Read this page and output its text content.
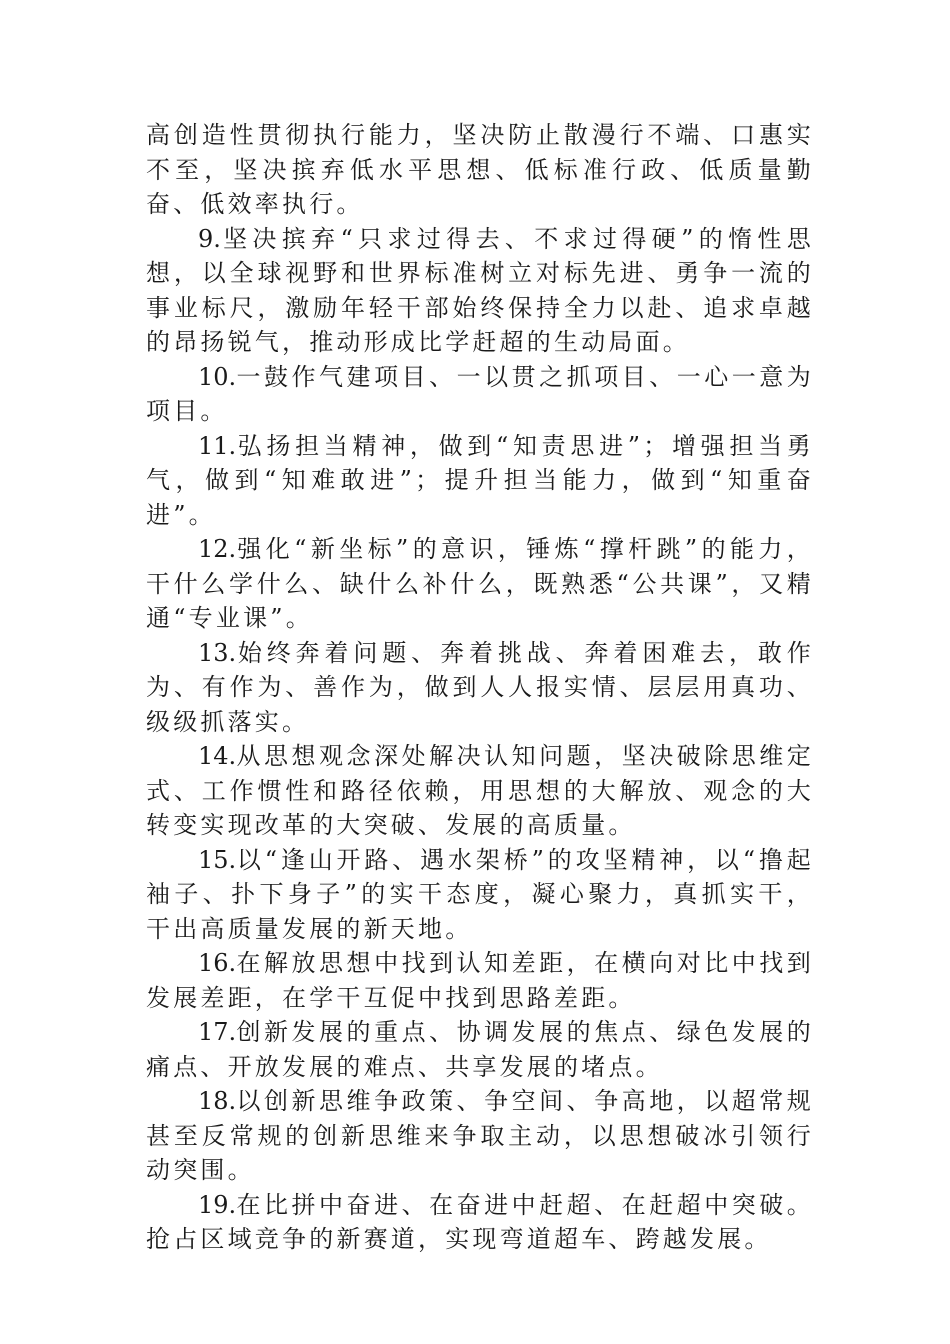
高创造性贯彻执行能力，坚决防止散漫行不端、口惠实不至，坚决摈弃低水平思想、低标准行政、低质量勤奋、低效率执行。

9.坚决摈弃“只求过得去、不求过得硬”的惰性思想，以全球视野和世界标准树立对标先进、勇争一流的事业标尺，激励年轻干部始终保持全力以赴、追求卓越的昂扬锐气，推动形成比学赶超的生动局面。

10.一鼓作气建项目、一以贯之抓项目、一心一意为项目。

11.弘扬担当精神，做到“知责思进”；增强担当勇气，做到“知难敢进”；提升担当能力，做到“知重奋进”。

12.强化“新坐标”的意识，锤炼“撑杆跳”的能力，干什么学什么、缺什么补什么，既熟悉“公共课”，又精通“专业课”。

13.始终奔着问题、奔着挑战、奔着困难去，敢作为、有作为、善作为，做到人人报实情、层层用真功、级级抓落实。

14.从思想观念深处解决认知问题，坚决破除思维定式、工作惯性和路径依赖，用思想的大解放、观念的大转变实现改革的大突破、发展的高质量。

15.以“逢山开路、遇水架桥”的攻坚精神，以“撸起袖子、扑下身子”的实干态度，凝心聚力，真抓实干，干出高质量发展的新天地。

16.在解放思想中找到认知差距，在横向对比中找到发展差距，在学干互促中找到思路差距。

17.创新发展的重点、协调发展的焦点、绿色发展的痛点、开放发展的难点、共享发展的堵点。

18.以创新思维争政策、争空间、争高地，以超常规甚至反常规的创新思维来争取主动，以思想破冰引领行动突围。

19.在比拼中奋进、在奋进中赶超、在赶超中突破。抢占区域竞争的新赛道，实现弯道超车、跨越发展。
